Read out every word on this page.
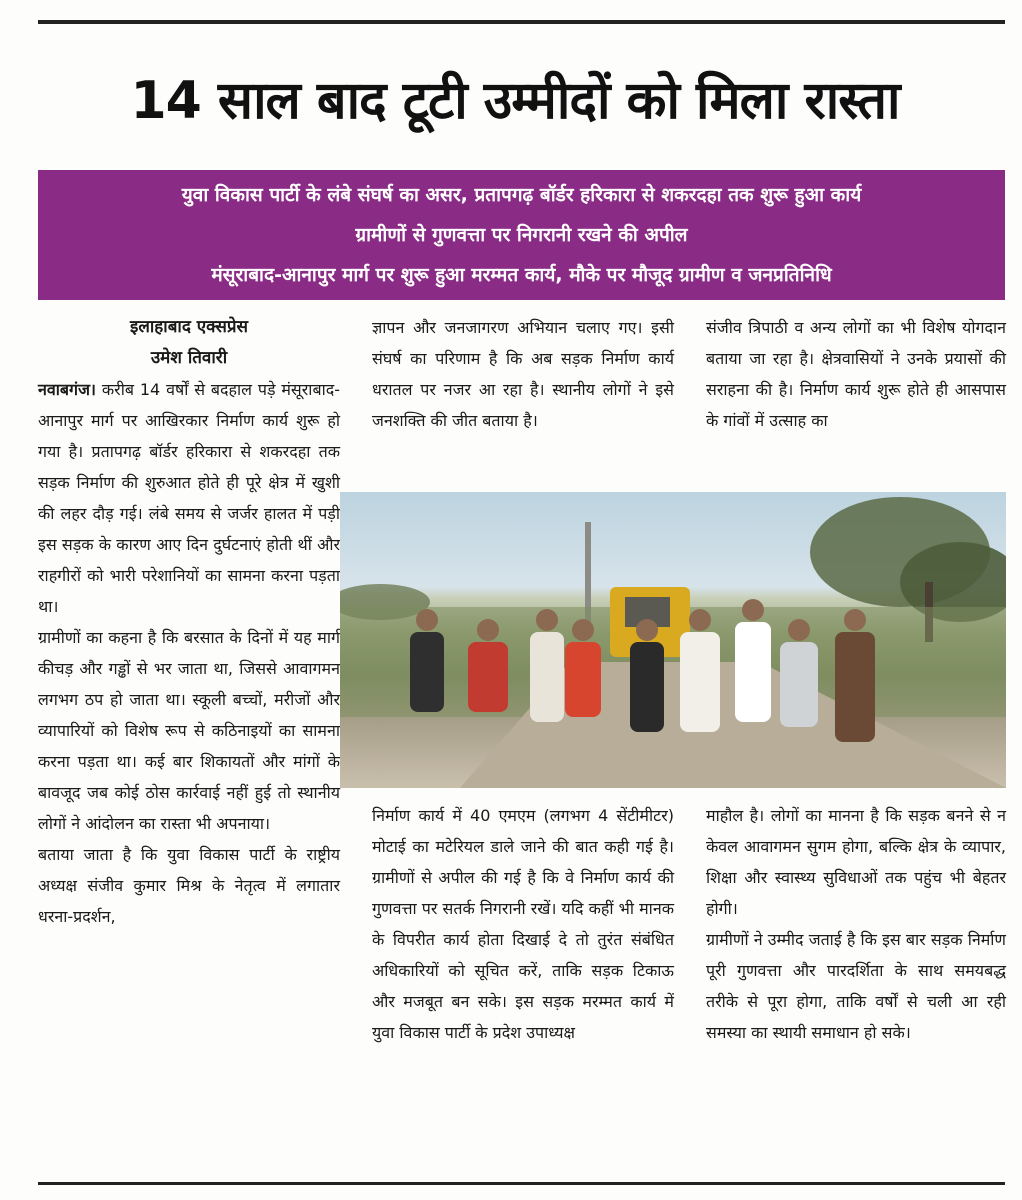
14 साल बाद टूटी उम्मीदों को मिला रास्ता
युवा विकास पार्टी के लंबे संघर्ष का असर, प्रतापगढ़ बॉर्डर हरिकारा से शकरदहा तक शुरू हुआ कार्य
ग्रामीणों से गुणवत्ता पर निगरानी रखने की अपील
मंसूराबाद-आनापुर मार्ग पर शुरू हुआ मरम्मत कार्य, मौके पर मौजूद ग्रामीण व जनप्रतिनिधि
इलाहाबाद एक्सप्रेस
उमेश तिवारी

नवाबगंज। करीब 14 वर्षों से बदहाल पड़े मंसूराबाद-आनापुर मार्ग पर आखिरकार निर्माण कार्य शुरू हो गया है। प्रतापगढ़ बॉर्डर हरिकारा से शकरदहा तक सड़क निर्माण की शुरुआत होते ही पूरे क्षेत्र में खुशी की लहर दौड़ गई। लंबे समय से जर्जर हालत में पड़ी इस सड़क के कारण आए दिन दुर्घटनाएं होती थीं और राहगीरों को भारी परेशानियों का सामना करना पड़ता था।

ग्रामीणों का कहना है कि बरसात के दिनों में यह मार्ग कीचड़ और गड्ढों से भर जाता था, जिससे आवागमन लगभग ठप हो जाता था। स्कूली बच्चों, मरीजों और व्यापारियों को विशेष रूप से कठिनाइयों का सामना करना पड़ता था। कई बार शिकायतों और मांगों के बावजूद जब कोई ठोस कार्रवाई नहीं हुई तो स्थानीय लोगों ने आंदोलन का रास्ता भी अपनाया।

बताया जाता है कि युवा विकास पार्टी के राष्ट्रीय अध्यक्ष संजीव कुमार मिश्र के नेतृत्व में लगातार धरना-प्रदर्शन,

ज्ञापन और जनजागरण अभियान चलाए गए। इसी संघर्ष का परिणाम है कि अब सड़क निर्माण कार्य धरातल पर नजर आ रहा है। स्थानीय लोगों ने इसे जनशक्ति की जीत बताया है।

संजीव त्रिपाठी व अन्य लोगों का भी विशेष योगदान बताया जा रहा है। क्षेत्रवासियों ने उनके प्रयासों की सराहना की है। निर्माण कार्य शुरू होते ही आसपास के गांवों में उत्साह का

निर्माण कार्य में 40 एमएम (लगभग 4 सेंटीमीटर) मोटाई का मटेरियल डाले जाने की बात कही गई है। ग्रामीणों से अपील की गई है कि वे निर्माण कार्य की गुणवत्ता पर सतर्क निगरानी रखें। यदि कहीं भी मानक के विपरीत कार्य होता दिखाई दे तो तुरंत संबंधित अधिकारियों को सूचित करें, ताकि सड़क टिकाऊ और मजबूत बन सके। इस सड़क मरम्मत कार्य में युवा विकास पार्टी के प्रदेश उपाध्यक्ष

माहौल है। लोगों का मानना है कि सड़क बनने से न केवल आवागमन सुगम होगा, बल्कि क्षेत्र के व्यापार, शिक्षा और स्वास्थ्य सुविधाओं तक पहुंच भी बेहतर होगी।

ग्रामीणों ने उम्मीद जताई है कि इस बार सड़क निर्माण पूरी गुणवत्ता और पारदर्शिता के साथ समयबद्ध तरीके से पूरा होगा, ताकि वर्षों से चली आ रही समस्या का स्थायी समाधान हो सके।
